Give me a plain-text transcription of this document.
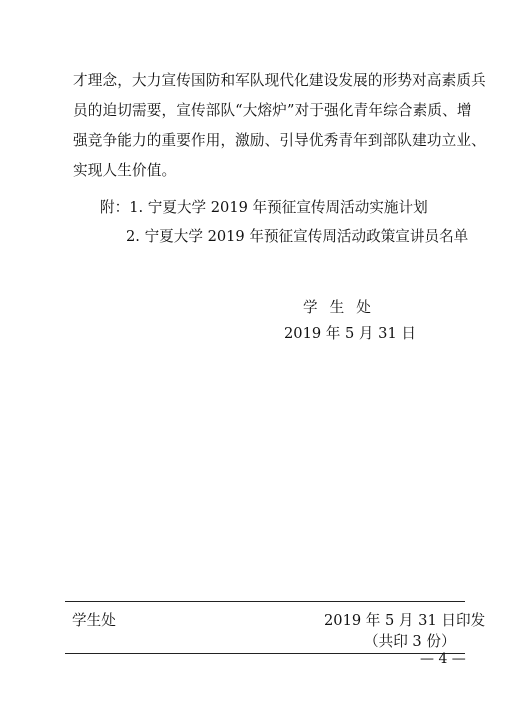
才理念，大力宣传国防和军队现代化建设发展的形势对高素质兵
员的迫切需要，宣传部队“大熔炉”对于强化青年综合素质、增
强竞争能力的重要作用，激励、引导优秀青年到部队建功立业、
实现人生价值。
附：1. 宁夏大学 2019 年预征宣传周活动实施计划
2. 宁夏大学 2019 年预征宣传周活动政策宣讲员名单
学生处
2019 年 5 月 31 日
学生处	2019 年 5 月 31 日印发
（共印 3 份）
— 4 —
